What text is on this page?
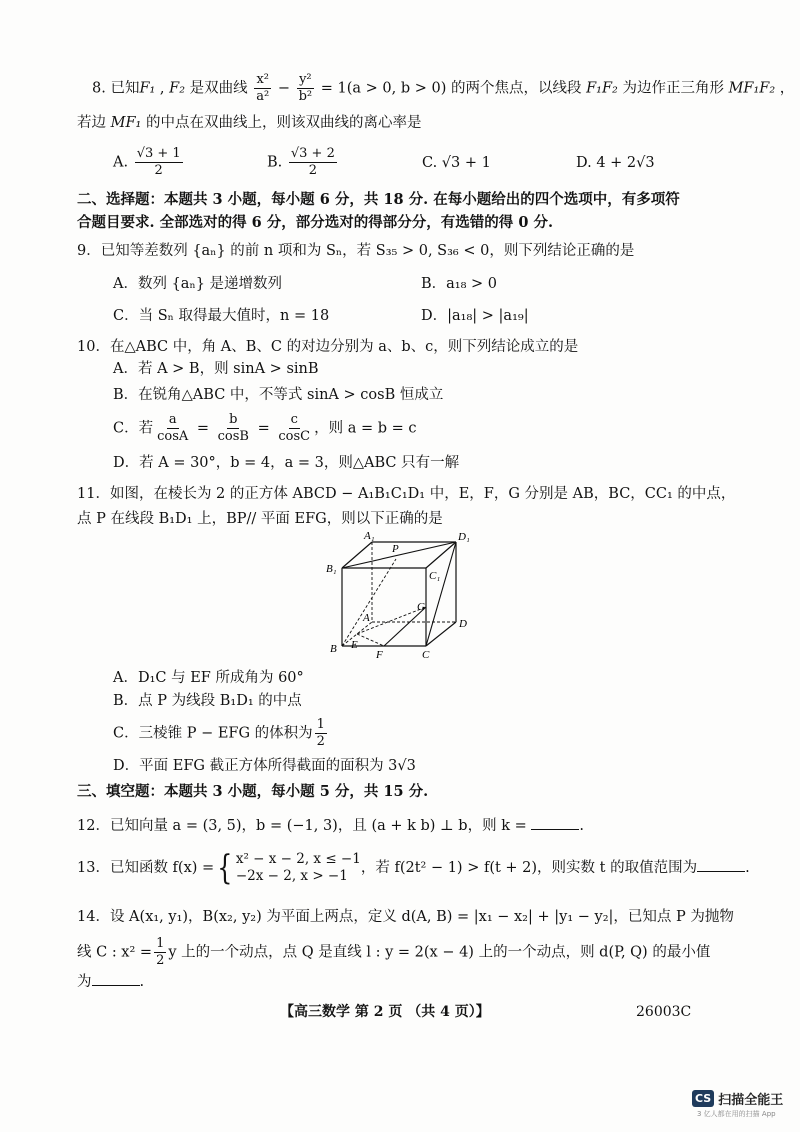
8. 已知F₁ , F₂ 是双曲线 $\frac{\text{x²}}{\text{a²}} - \frac{\text{y²}}{\text{b²}} = 1(a > 0$, b > 0) 的两个焦点，以线段 F₁F₂ 为边作正三角形 MF₁F₂ ，
若边 MF₁ 的中点在双曲线上，则该双曲线的离心率是
A. $\frac{√3 + 1}{2}$	B. $\frac{√3 + 2}{2}$	C. √3 + 1	D. 4 + 2√3
二、选择题：本题共 3 小题，每小题 6 分，共 18 分. 在每小题给出的四个选项中，有多项符
合题目要求. 全部选对的得 6 分，部分选对的得部分分，有选错的得 0 分.
9．已知等差数列 {aₙ} 的前 n 项和为 Sₙ，若 S₃₅ > 0, S₃₆ < 0，则下列结论正确的是
A．数列 {aₙ} 是递增数列	B．a₁₈ > 0
C．当 Sₙ 取得最大值时，n = 18	D．|a₁₈| > |a₁₉|
10．在△ABC 中，角 A、B、C 的对边分别为 a、b、c，则下列结论成立的是
A．若 A > B，则 sinA > sinB
B．在锐角△ABC 中，不等式 sinA > cosB 恒成立
C．若 $\frac{a}{\cos A} = \frac{b}{\cos B} = \frac{c}{\cos C}$ ，则 a = b = c
D．若 A = 30°，b = 4，a = 3，则△ABC 只有一解
11．如图，在棱长为 2 的正方体 ABCD − A₁B₁C₁D₁ 中，E，F，G 分别是 AB，BC，CC₁ 的中点，
点 P 在线段 B₁D₁ 上，BP// 平面 EFG，则以下正确的是
A₁
P
D₁
B₁
C₁
G
A	D
B E
F	C
A．D₁C 与 EF 所成角为 60°
B．点 P 为线段 B₁D₁ 的中点
C．三棱锥 P − EFG 的体积为 $\frac{1}{2}$
D．平面 EFG 截正方体所得截面的面积为 3√3
三、填空题：本题共 3 小题，每小题 5 分，共 15 分.
12．已知向量 a = (3, 5)，b = (−1, 3)，且 (a + k b) ⊥ b，则 k =	.
13．已知函数 f(x) = { x² − x − 2, x ≤ −1
−2x − 2, x > −1 ，若 f(2t² − 1) > f(t + 2)，则实数 t 的取值范围为	.
14．设 A(x₁, y₁)，B(x₂, y₂) 为平面上两点，定义 d(A, B) = |x₁ − x₂| + |y₁ − y₂|，已知点 P 为抛物
线 C : $x^2 = \frac{1}{2}$ y 上的一个动点，点 Q 是直线 l : y = 2(x − 4) 上的一个动点，则 d(P, Q) 的最小值
为	.
【高三数学 第 2 页 （共 4 页）】	26003C
CS 扫描全能王
3 亿人都在用的扫描 App
